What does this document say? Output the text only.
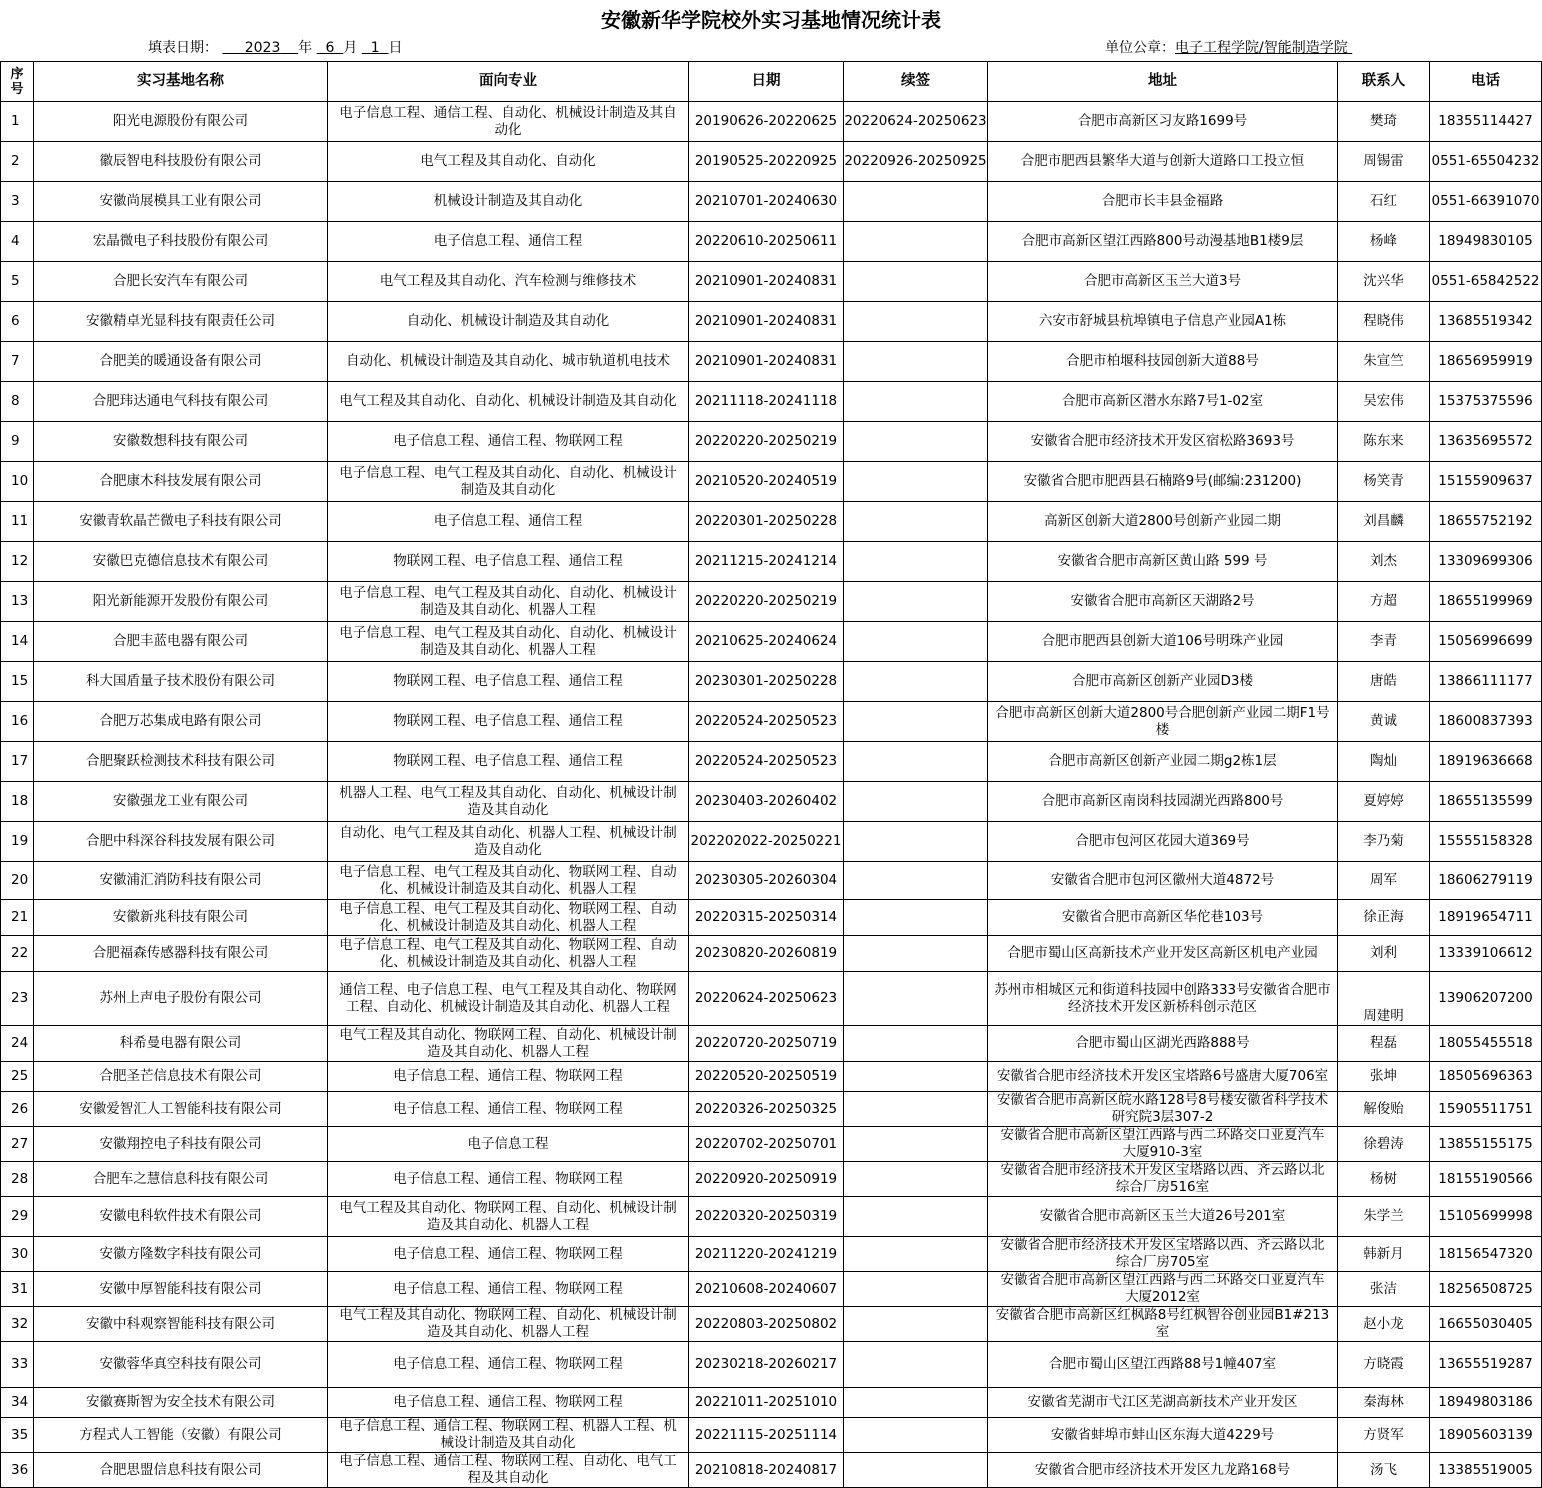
安徽新华学院校外实习基地情况统计表
填表日期： 2023 年 6 月 1 日	单位公章：电子工程学院/智能制造学院
序号	实习基地名称	面向专业	日期	续签	地址	联系人	电话
1	阳光电源股份有限公司	电子信息工程、通信工程、自动化、机械设计制造及其自动化	20190626-20220625	20220624-20250623	合肥市高新区习友路1699号	樊琦	18355114427
2	徽辰智电科技股份有限公司	电气工程及其自动化、自动化	20190525-20220925	20220926-20250925	合肥市肥西县繁华大道与创新大道路口工投立恒	周锡雷	0551-65504232
3	安徽尚展模具工业有限公司	机械设计制造及其自动化	20210701-20240630		合肥市长丰县金福路	石红	0551-66391070
4	宏晶微电子科技股份有限公司	电子信息工程、通信工程	20220610-20250611		合肥市高新区望江西路800号动漫基地B1楼9层	杨峰	18949830105
5	合肥长安汽车有限公司	电气工程及其自动化、汽车检测与维修技术	20210901-20240831		合肥市高新区玉兰大道3号	沈兴华	0551-65842522
6	安徽精卓光显科技有限责任公司	自动化、机械设计制造及其自动化	20210901-20240831		六安市舒城县杭埠镇电子信息产业园A1栋	程晓伟	13685519342
7	合肥美的暖通设备有限公司	自动化、机械设计制造及其自动化、城市轨道机电技术	20210901-20240831		合肥市柏堰科技园创新大道88号	朱宣竺	18656959919
8	合肥玮达通电气科技有限公司	电气工程及其自动化、自动化、机械设计制造及其自动化	20211118-20241118		合肥市高新区潜水东路7号1-02室	吴宏伟	15375375596
9	安徽数想科技有限公司	电子信息工程、通信工程、物联网工程	20220220-20250219		安徽省合肥市经济技术开发区宿松路3693号	陈东来	13635695572
10	合肥康木科技发展有限公司	电子信息工程、电气工程及其自动化、自动化、机械设计制造及其自动化	20210520-20240519		安徽省合肥市肥西县石楠路9号(邮编:231200)	杨笑青	15155909637
11	安徽青软晶芒微电子科技有限公司	电子信息工程、通信工程	20220301-20250228		高新区创新大道2800号创新产业园二期	刘昌麟	18655752192
12	安徽巴克德信息技术有限公司	物联网工程、电子信息工程、通信工程	20211215-20241214		安徽省合肥市高新区黄山路 599 号	刘杰	13309699306
13	阳光新能源开发股份有限公司	电子信息工程、电气工程及其自动化、自动化、机械设计制造及其自动化、机器人工程	20220220-20250219		安徽省合肥市高新区天湖路2号	方超	18655199969
14	合肥丰蓝电器有限公司	电子信息工程、电气工程及其自动化、自动化、机械设计制造及其自动化、机器人工程	20210625-20240624		合肥市肥西县创新大道106号明珠产业园	李青	15056996699
15	科大国盾量子技术股份有限公司	物联网工程、电子信息工程、通信工程	20230301-20250228		合肥市高新区创新产业园D3楼	唐皓	13866111177
16	合肥万芯集成电路有限公司	物联网工程、电子信息工程、通信工程	20220524-20250523		合肥市高新区创新大道2800号合肥创新产业园二期F1号楼	黄诚	18600837393
17	合肥聚跃检测技术科技有限公司	物联网工程、电子信息工程、通信工程	20220524-20250523		合肥市高新区创新产业园二期g2栋1层	陶灿	18919636668
18	安徽强龙工业有限公司	机器人工程、电气工程及其自动化、自动化、机械设计制造及其自动化	20230403-20260402		合肥市高新区南岗科技园湖光西路800号	夏婷婷	18655135599
19	合肥中科深谷科技发展有限公司	自动化、电气工程及其自动化、机器人工程、机械设计制造及自动化	202202022-20250221		合肥市包河区花园大道369号	李乃菊	15555158328
20	安徽浦汇消防科技有限公司	电子信息工程、电气工程及其自动化、物联网工程、自动化、机械设计制造及其自动化、机器人工程	20230305-20260304		安徽省合肥市包河区徽州大道4872号	周军	18606279119
21	安徽新兆科技有限公司	电子信息工程、电气工程及其自动化、物联网工程、自动化、机械设计制造及其自动化、机器人工程	20220315-20250314		安徽省合肥市高新区华佗巷103号	徐正海	18919654711
22	合肥福森传感器科技有限公司	电子信息工程、电气工程及其自动化、物联网工程、自动化、机械设计制造及其自动化、机器人工程	20230820-20260819		合肥市蜀山区高新技术产业开发区高新区机电产业园	刘利	13339106612
23	苏州上声电子股份有限公司	通信工程、电子信息工程、电气工程及其自动化、物联网工程、自动化、机械设计制造及其自动化、机器人工程	20220624-20250623		苏州市相城区元和街道科技园中创路333号安徽省合肥市经济技术开发区新桥科创示范区	周建明	13906207200
24	科希曼电器有限公司	电气工程及其自动化、物联网工程、自动化、机械设计制造及其自动化、机器人工程	20220720-20250719		合肥市蜀山区湖光西路888号	程磊	18055455518
25	合肥圣芒信息技术有限公司	电子信息工程、通信工程、物联网工程	20220520-20250519		安徽省合肥市经济技术开发区宝塔路6号盛唐大厦706室	张坤	18505696363
26	安徽爱智汇人工智能科技有限公司	电子信息工程、通信工程、物联网工程	20220326-20250325		安徽省合肥市高新区皖水路128号8号楼安徽省科学技术研究院3层307-2	解俊贻	15905511751
27	安徽翔控电子科技有限公司	电子信息工程	20220702-20250701		安徽省合肥市高新区望江西路与西二环路交口亚夏汽车大厦910-3室	徐碧涛	13855155175
28	合肥车之慧信息科技有限公司	电子信息工程、通信工程、物联网工程	20220920-20250919		安徽省合肥市经济技术开发区宝塔路以西、齐云路以北综合厂房516室	杨树	18155190566
29	安徽电科软件技术有限公司	电气工程及其自动化、物联网工程、自动化、机械设计制造及其自动化、机器人工程	20220320-20250319		安徽省合肥市高新区玉兰大道26号201室	朱学兰	15105699998
30	安徽方隆数字科技有限公司	电子信息工程、通信工程、物联网工程	20211220-20241219		安徽省合肥市经济技术开发区宝塔路以西、齐云路以北综合厂房705室	韩新月	18156547320
31	安徽中厚智能科技有限公司	电子信息工程、通信工程、物联网工程	20210608-20240607		安徽省合肥市高新区望江西路与西二环路交口亚夏汽车大厦2012室	张洁	18256508725
32	安徽中科观察智能科技有限公司	电气工程及其自动化、物联网工程、自动化、机械设计制造及其自动化、机器人工程	20220803-20250802		安徽省合肥市高新区红枫路8号红枫智谷创业园B1#213室	赵小龙	16655030405
33	安徽蓉华真空科技有限公司	电子信息工程、通信工程、物联网工程	20230218-20260217		合肥市蜀山区望江西路88号1幢407室	方晓霞	13655519287
34	安徽赛斯智为安全技术有限公司	电子信息工程、通信工程、物联网工程	20221011-20251010		安徽省芜湖市弋江区芜湖高新技术产业开发区	秦海林	18949803186
35	方程式人工智能（安徽）有限公司	电子信息工程、通信工程、物联网工程、机器人工程、机械设计制造及其自动化	20221115-20251114		安徽省蚌埠市蚌山区东海大道4229号	方贤军	18905603139
36	合肥思盟信息科技有限公司	电子信息工程、通信工程、物联网工程、自动化、电气工程及其自动化	20210818-20240817		安徽省合肥市经济技术开发区九龙路168号	汤飞	13385519005
